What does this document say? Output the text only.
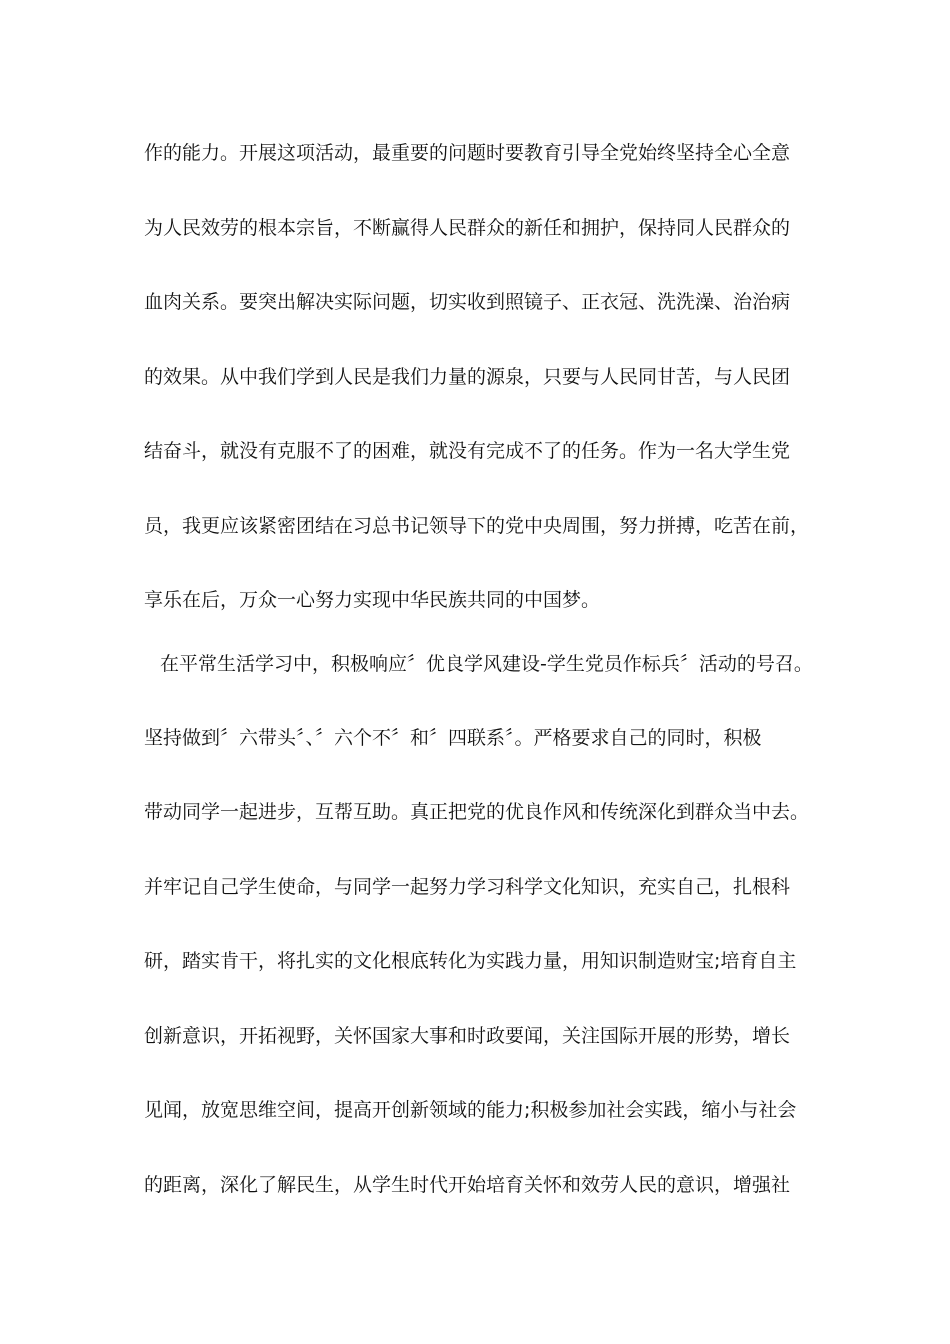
作的能力。开展这项活动，最重要的问题时要教育引导全党始终坚持全心全意
为人民效劳的根本宗旨，不断赢得人民群众的新任和拥护，保持同人民群众的
血肉关系。要突出解决实际问题，切实收到照镜子、正衣冠、洗洗澡、治治病
的效果。从中我们学到人民是我们力量的源泉，只要与人民同甘苦，与人民团
结奋斗，就没有克服不了的困难，就没有完成不了的任务。作为一名大学生党
员，我更应该紧密团结在习总书记领导下的党中央周围，努力拼搏，吃苦在前，
享乐在后，万众一心努力实现中华民族共同的中国梦。
在平常生活学习中，积极响应〞优良学风建设-学生党员作标兵〞活动的号召。
坚持做到〞六带头〞、〞六个不〞和〞四联系〞。严格要求自己的同时，积极
带动同学一起进步，互帮互助。真正把党的优良作风和传统深化到群众当中去。
并牢记自己学生使命，与同学一起努力学习科学文化知识，充实自己，扎根科
研，踏实肯干，将扎实的文化根底转化为实践力量，用知识制造财宝;培育自主
创新意识，开拓视野，关怀国家大事和时政要闻，关注国际开展的形势，增长
见闻，放宽思维空间，提高开创新领域的能力;积极参加社会实践，缩小与社会
的距离，深化了解民生，从学生时代开始培育关怀和效劳人民的意识，增强社
